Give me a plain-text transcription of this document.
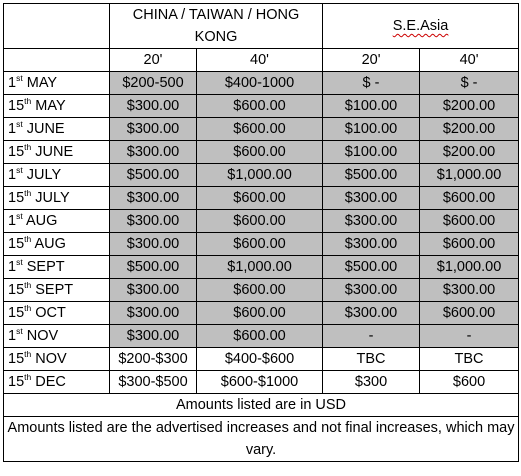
	CHINA / TAIWAN / HONG KONG		S.E.Asia	
	20'	40'	20'	40'
1st MAY	$200-500	$400-1000	$ -	$ -
15th MAY	$300.00	$600.00	$100.00	$200.00
1st JUNE	$300.00	$600.00	$100.00	$200.00
15th JUNE	$300.00	$600.00	$100.00	$200.00
1st JULY	$500.00	$1,000.00	$500.00	$1,000.00
15th JULY	$300.00	$600.00	$300.00	$600.00
1st AUG	$300.00	$600.00	$300.00	$600.00
15th AUG	$300.00	$600.00	$300.00	$600.00
1st SEPT	$500.00	$1,000.00	$500.00	$1,000.00
15th SEPT	$300.00	$600.00	$300.00	$300.00
15th OCT	$300.00	$600.00	$300.00	$600.00
1st NOV	$300.00	$600.00	-	-
15th NOV	$200-$300	$400-$600	TBC	TBC
15th DEC	$300-$500	$600-$1000	$300	$600
Amounts listed are in USD				
Amounts listed are the advertised increases and not final increases, which may vary.				
